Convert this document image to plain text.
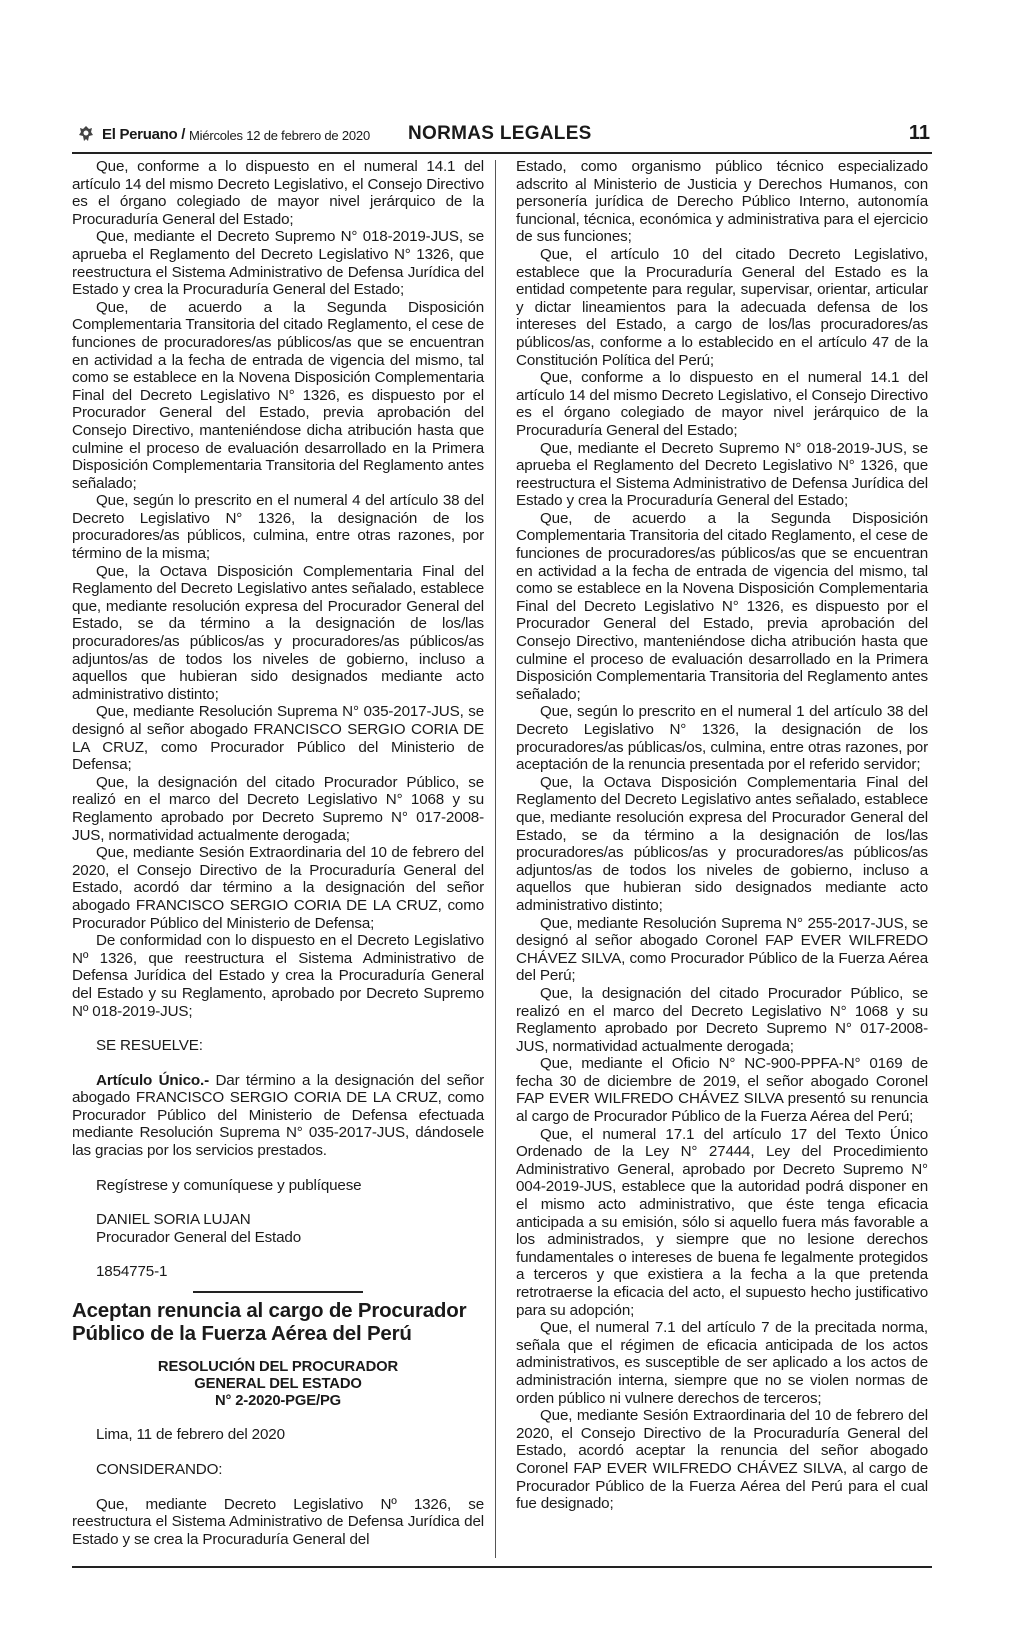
El Peruano / Miércoles 12 de febrero de 2020 NORMAS LEGALES	11

Que, conforme a lo dispuesto en el numeral 14.1 del artículo 14 del mismo Decreto Legislativo, el Consejo Directivo es el órgano colegiado de mayor nivel jerárquico de la Procuraduría General del Estado;

Que, mediante el Decreto Supremo N° 018-2019-JUS, se aprueba el Reglamento del Decreto Legislativo N° 1326, que reestructura el Sistema Administrativo de Defensa Jurídica del Estado y crea la Procuraduría General del Estado;

Que, de acuerdo a la Segunda Disposición Complementaria Transitoria del citado Reglamento, el cese de funciones de procuradores/as públicos/as que se encuentran en actividad a la fecha de entrada de vigencia del mismo, tal como se establece en la Novena Disposición Complementaria Final del Decreto Legislativo N° 1326, es dispuesto por el Procurador General del Estado, previa aprobación del Consejo Directivo, manteniéndose dicha atribución hasta que culmine el proceso de evaluación desarrollado en la Primera Disposición Complementaria Transitoria del Reglamento antes señalado;

Que, según lo prescrito en el numeral 4 del artículo 38 del Decreto Legislativo N° 1326, la designación de los procuradores/as públicos, culmina, entre otras razones, por término de la misma;

Que, la Octava Disposición Complementaria Final del Reglamento del Decreto Legislativo antes señalado, establece que, mediante resolución expresa del Procurador General del Estado, se da término a la designación de los/las procuradores/as públicos/as y procuradores/as públicos/as adjuntos/as de todos los niveles de gobierno, incluso a aquellos que hubieran sido designados mediante acto administrativo distinto;

Que, mediante Resolución Suprema N° 035-2017-JUS, se designó al señor abogado FRANCISCO SERGIO CORIA DE LA CRUZ, como Procurador Público del Ministerio de Defensa;

Que, la designación del citado Procurador Público, se realizó en el marco del Decreto Legislativo N° 1068 y su Reglamento aprobado por Decreto Supremo N° 017-2008-JUS, normatividad actualmente derogada;

Que, mediante Sesión Extraordinaria del 10 de febrero del 2020, el Consejo Directivo de la Procuraduría General del Estado, acordó dar término a la designación del señor abogado FRANCISCO SERGIO CORIA DE LA CRUZ, como Procurador Público del Ministerio de Defensa;

De conformidad con lo dispuesto en el Decreto Legislativo Nº 1326, que reestructura el Sistema Administrativo de Defensa Jurídica del Estado y crea la Procuraduría General del Estado y su Reglamento, aprobado por Decreto Supremo Nº 018-2019-JUS;

SE RESUELVE:

Artículo Único.- Dar término a la designación del señor abogado FRANCISCO SERGIO CORIA DE LA CRUZ, como Procurador Público del Ministerio de Defensa efectuada mediante Resolución Suprema N° 035-2017-JUS, dándosele las gracias por los servicios prestados.

Regístrese y comuníquese y publíquese

DANIEL SORIA LUJAN

Procurador General del Estado

1854775-1

Aceptan renuncia al cargo de Procurador Público de la Fuerza Aérea del Perú

RESOLUCIÓN DEL PROCURADOR

GENERAL DEL ESTADO

N° 2-2020-PGE/PG

Lima, 11 de febrero del 2020

CONSIDERANDO:

Que, mediante Decreto Legislativo Nº 1326, se reestructura el Sistema Administrativo de Defensa Jurídica del Estado y se crea la Procuraduría General del

Estado, como organismo público técnico especializado adscrito al Ministerio de Justicia y Derechos Humanos, con personería jurídica de Derecho Público Interno, autonomía funcional, técnica, económica y administrativa para el ejercicio de sus funciones;

Que, el artículo 10 del citado Decreto Legislativo, establece que la Procuraduría General del Estado es la entidad competente para regular, supervisar, orientar, articular y dictar lineamientos para la adecuada defensa de los intereses del Estado, a cargo de los/las procuradores/as públicos/as, conforme a lo establecido en el artículo 47 de la Constitución Política del Perú;

Que, conforme a lo dispuesto en el numeral 14.1 del artículo 14 del mismo Decreto Legislativo, el Consejo Directivo es el órgano colegiado de mayor nivel jerárquico de la Procuraduría General del Estado;

Que, mediante el Decreto Supremo N° 018-2019-JUS, se aprueba el Reglamento del Decreto Legislativo N° 1326, que reestructura el Sistema Administrativo de Defensa Jurídica del Estado y crea la Procuraduría General del Estado;

Que, de acuerdo a la Segunda Disposición Complementaria Transitoria del citado Reglamento, el cese de funciones de procuradores/as públicos/as que se encuentran en actividad a la fecha de entrada de vigencia del mismo, tal como se establece en la Novena Disposición Complementaria Final del Decreto Legislativo N° 1326, es dispuesto por el Procurador General del Estado, previa aprobación del Consejo Directivo, manteniéndose dicha atribución hasta que culmine el proceso de evaluación desarrollado en la Primera Disposición Complementaria Transitoria del Reglamento antes señalado;

Que, según lo prescrito en el numeral 1 del artículo 38 del Decreto Legislativo N° 1326, la designación de los procuradores/as públicas/os, culmina, entre otras razones, por aceptación de la renuncia presentada por el referido servidor;

Que, la Octava Disposición Complementaria Final del Reglamento del Decreto Legislativo antes señalado, establece que, mediante resolución expresa del Procurador General del Estado, se da término a la designación de los/las procuradores/as públicos/as y procuradores/as públicos/as adjuntos/as de todos los niveles de gobierno, incluso a aquellos que hubieran sido designados mediante acto administrativo distinto;

Que, mediante Resolución Suprema N° 255-2017-JUS, se designó al señor abogado Coronel FAP EVER WILFREDO CHÁVEZ SILVA, como Procurador Público de la Fuerza Aérea del Perú;

Que, la designación del citado Procurador Público, se realizó en el marco del Decreto Legislativo N° 1068 y su Reglamento aprobado por Decreto Supremo N° 017-2008-JUS, normatividad actualmente derogada;

Que, mediante el Oficio N° NC-900-PPFA-N° 0169 de fecha 30 de diciembre de 2019, el señor abogado Coronel FAP EVER WILFREDO CHÁVEZ SILVA presentó su renuncia al cargo de Procurador Público de la Fuerza Aérea del Perú;

Que, el numeral 17.1 del artículo 17 del Texto Único Ordenado de la Ley N° 27444, Ley del Procedimiento Administrativo General, aprobado por Decreto Supremo N° 004-2019-JUS, establece que la autoridad podrá disponer en el mismo acto administrativo, que éste tenga eficacia anticipada a su emisión, sólo si aquello fuera más favorable a los administrados, y siempre que no lesione derechos fundamentales o intereses de buena fe legalmente protegidos a terceros y que existiera a la fecha a la que pretenda retrotraerse la eficacia del acto, el supuesto hecho justificativo para su adopción;

Que, el numeral 7.1 del artículo 7 de la precitada norma, señala que el régimen de eficacia anticipada de los actos administrativos, es susceptible de ser aplicado a los actos de administración interna, siempre que no se violen normas de orden público ni vulnere derechos de terceros;

Que, mediante Sesión Extraordinaria del 10 de febrero del 2020, el Consejo Directivo de la Procuraduría General del Estado, acordó aceptar la renuncia del señor abogado Coronel FAP EVER WILFREDO CHÁVEZ SILVA, al cargo de Procurador Público de la Fuerza Aérea del Perú para el cual fue designado;
